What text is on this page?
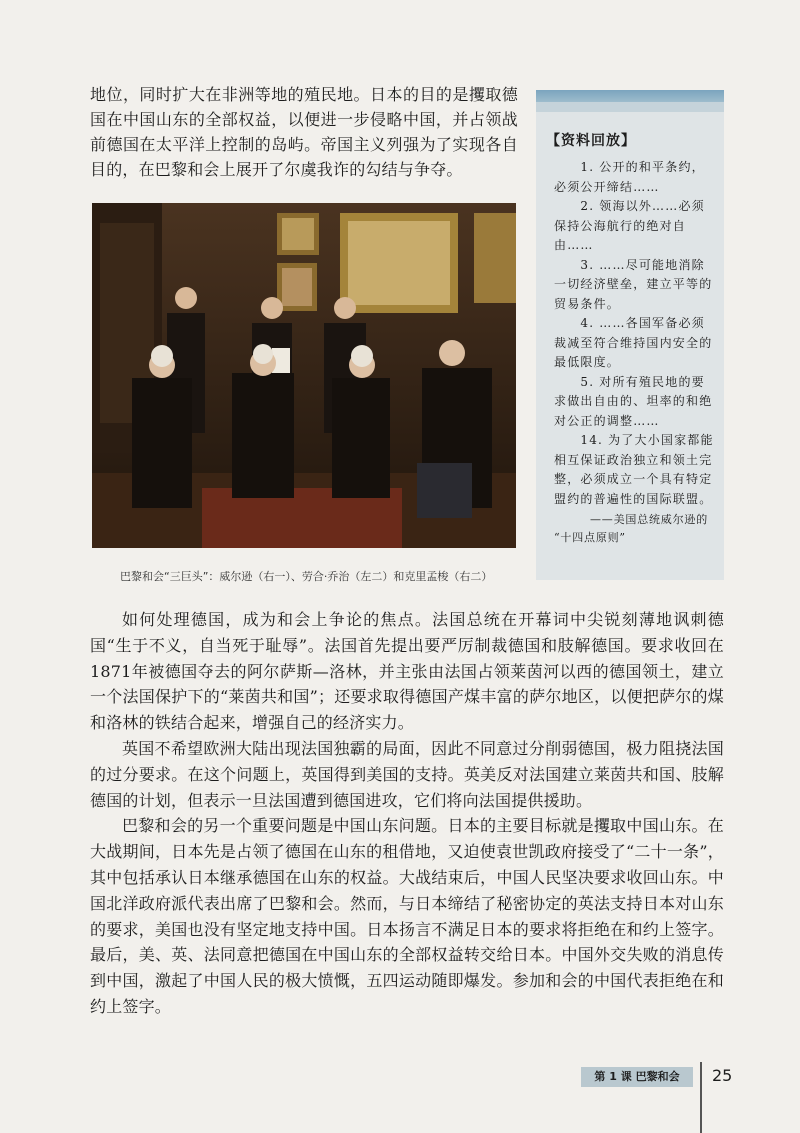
地位，同时扩大在非洲等地的殖民地。日本的目的是攫取德国在中国山东的全部权益，以便进一步侵略中国，并占领战前德国在太平洋上控制的岛屿。帝国主义列强为了实现各自目的，在巴黎和会上展开了尔虞我诈的勾结与争夺。
巴黎和会“三巨头”：威尔逊（右一）、劳合·乔治（左二）和克里孟梭（右二）
【资料回放】

1. 公开的和平条约，必须公开缔结……

2. 领海以外……必须保持公海航行的绝对自由……

3. ……尽可能地消除一切经济壁垒，建立平等的贸易条件。

4. ……各国军备必须裁减至符合维持国内安全的最低限度。

5. 对所有殖民地的要求做出自由的、坦率的和绝对公正的调整……

14. 为了大小国家都能相互保证政治独立和领土完整，必须成立一个具有特定盟约的普遍性的国际联盟。

——美国总统威尔逊的
“十四点原则”

如何处理德国，成为和会上争论的焦点。法国总统在开幕词中尖锐刻薄地讽刺德国“生于不义，自当死于耻辱”。法国首先提出要严厉制裁德国和肢解德国。要求收回在1871年被德国夺去的阿尔萨斯—洛林，并主张由法国占领莱茵河以西的德国领土，建立一个法国保护下的“莱茵共和国”；还要求取得德国产煤丰富的萨尔地区，以便把萨尔的煤和洛林的铁结合起来，增强自己的经济实力。

英国不希望欧洲大陆出现法国独霸的局面，因此不同意过分削弱德国，极力阻挠法国的过分要求。在这个问题上，英国得到美国的支持。英美反对法国建立莱茵共和国、肢解德国的计划，但表示一旦法国遭到德国进攻，它们将向法国提供援助。

巴黎和会的另一个重要问题是中国山东问题。日本的主要目标就是攫取中国山东。在大战期间，日本先是占领了德国在山东的租借地，又迫使袁世凯政府接受了“二十一条”，其中包括承认日本继承德国在山东的权益。大战结束后，中国人民坚决要求收回山东。中国北洋政府派代表出席了巴黎和会。然而，与日本缔结了秘密协定的英法支持日本对山东的要求，美国也没有坚定地支持中国。日本扬言不满足日本的要求将拒绝在和约上签字。最后，美、英、法同意把德国在中国山东的全部权益转交给日本。中国外交失败的消息传到中国，激起了中国人民的极大愤慨，五四运动随即爆发。参加和会的中国代表拒绝在和约上签字。

第 1 课 巴黎和会	25
